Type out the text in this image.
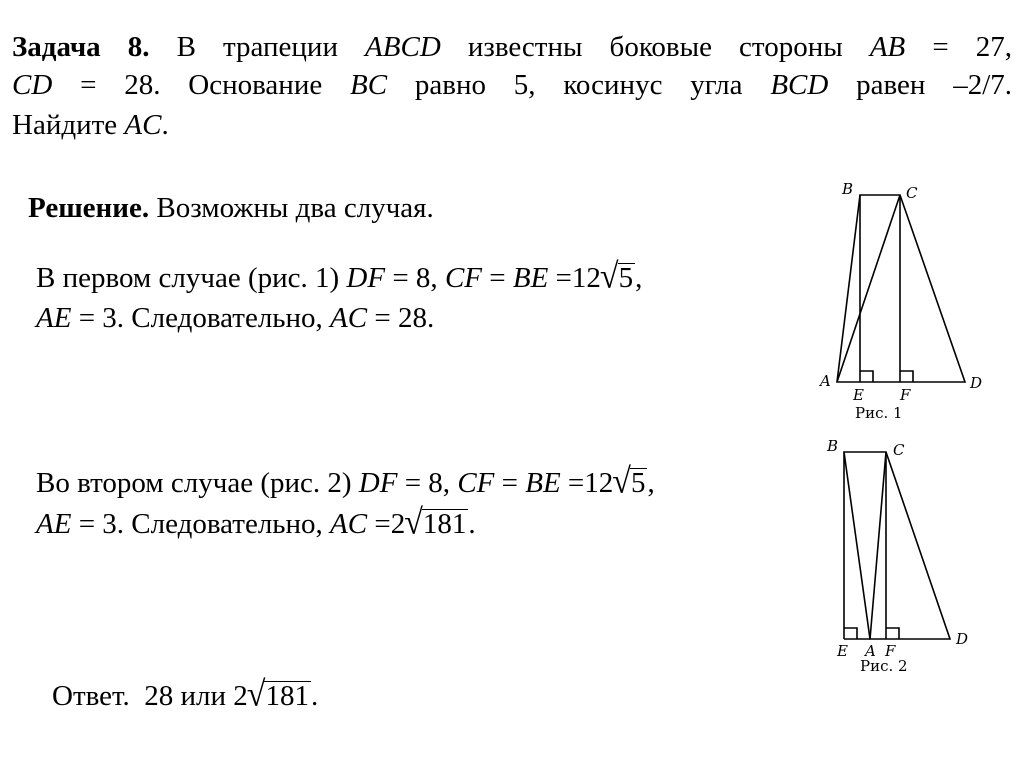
Задача 8. В трапеции ABCD известны боковые стороны AB = 27,
CD = 28. Основание BC равно 5, косинус угла BCD равен –2/7.
Найдите AC.
Решение. Возможны два случая.
В первом случае (рис. 1) DF = 8, CF = BE =12√5,
AE = 3. Следовательно, AC = 28.
Во втором случае (рис. 2) DF = 8, CF = BE =12√5,
AE = 3. Следовательно, AC =2√181.
Ответ. 28 или 2√181.
B	C
A	D
E F
Рис. 1
B	C
E A F
D
Рис. 2
